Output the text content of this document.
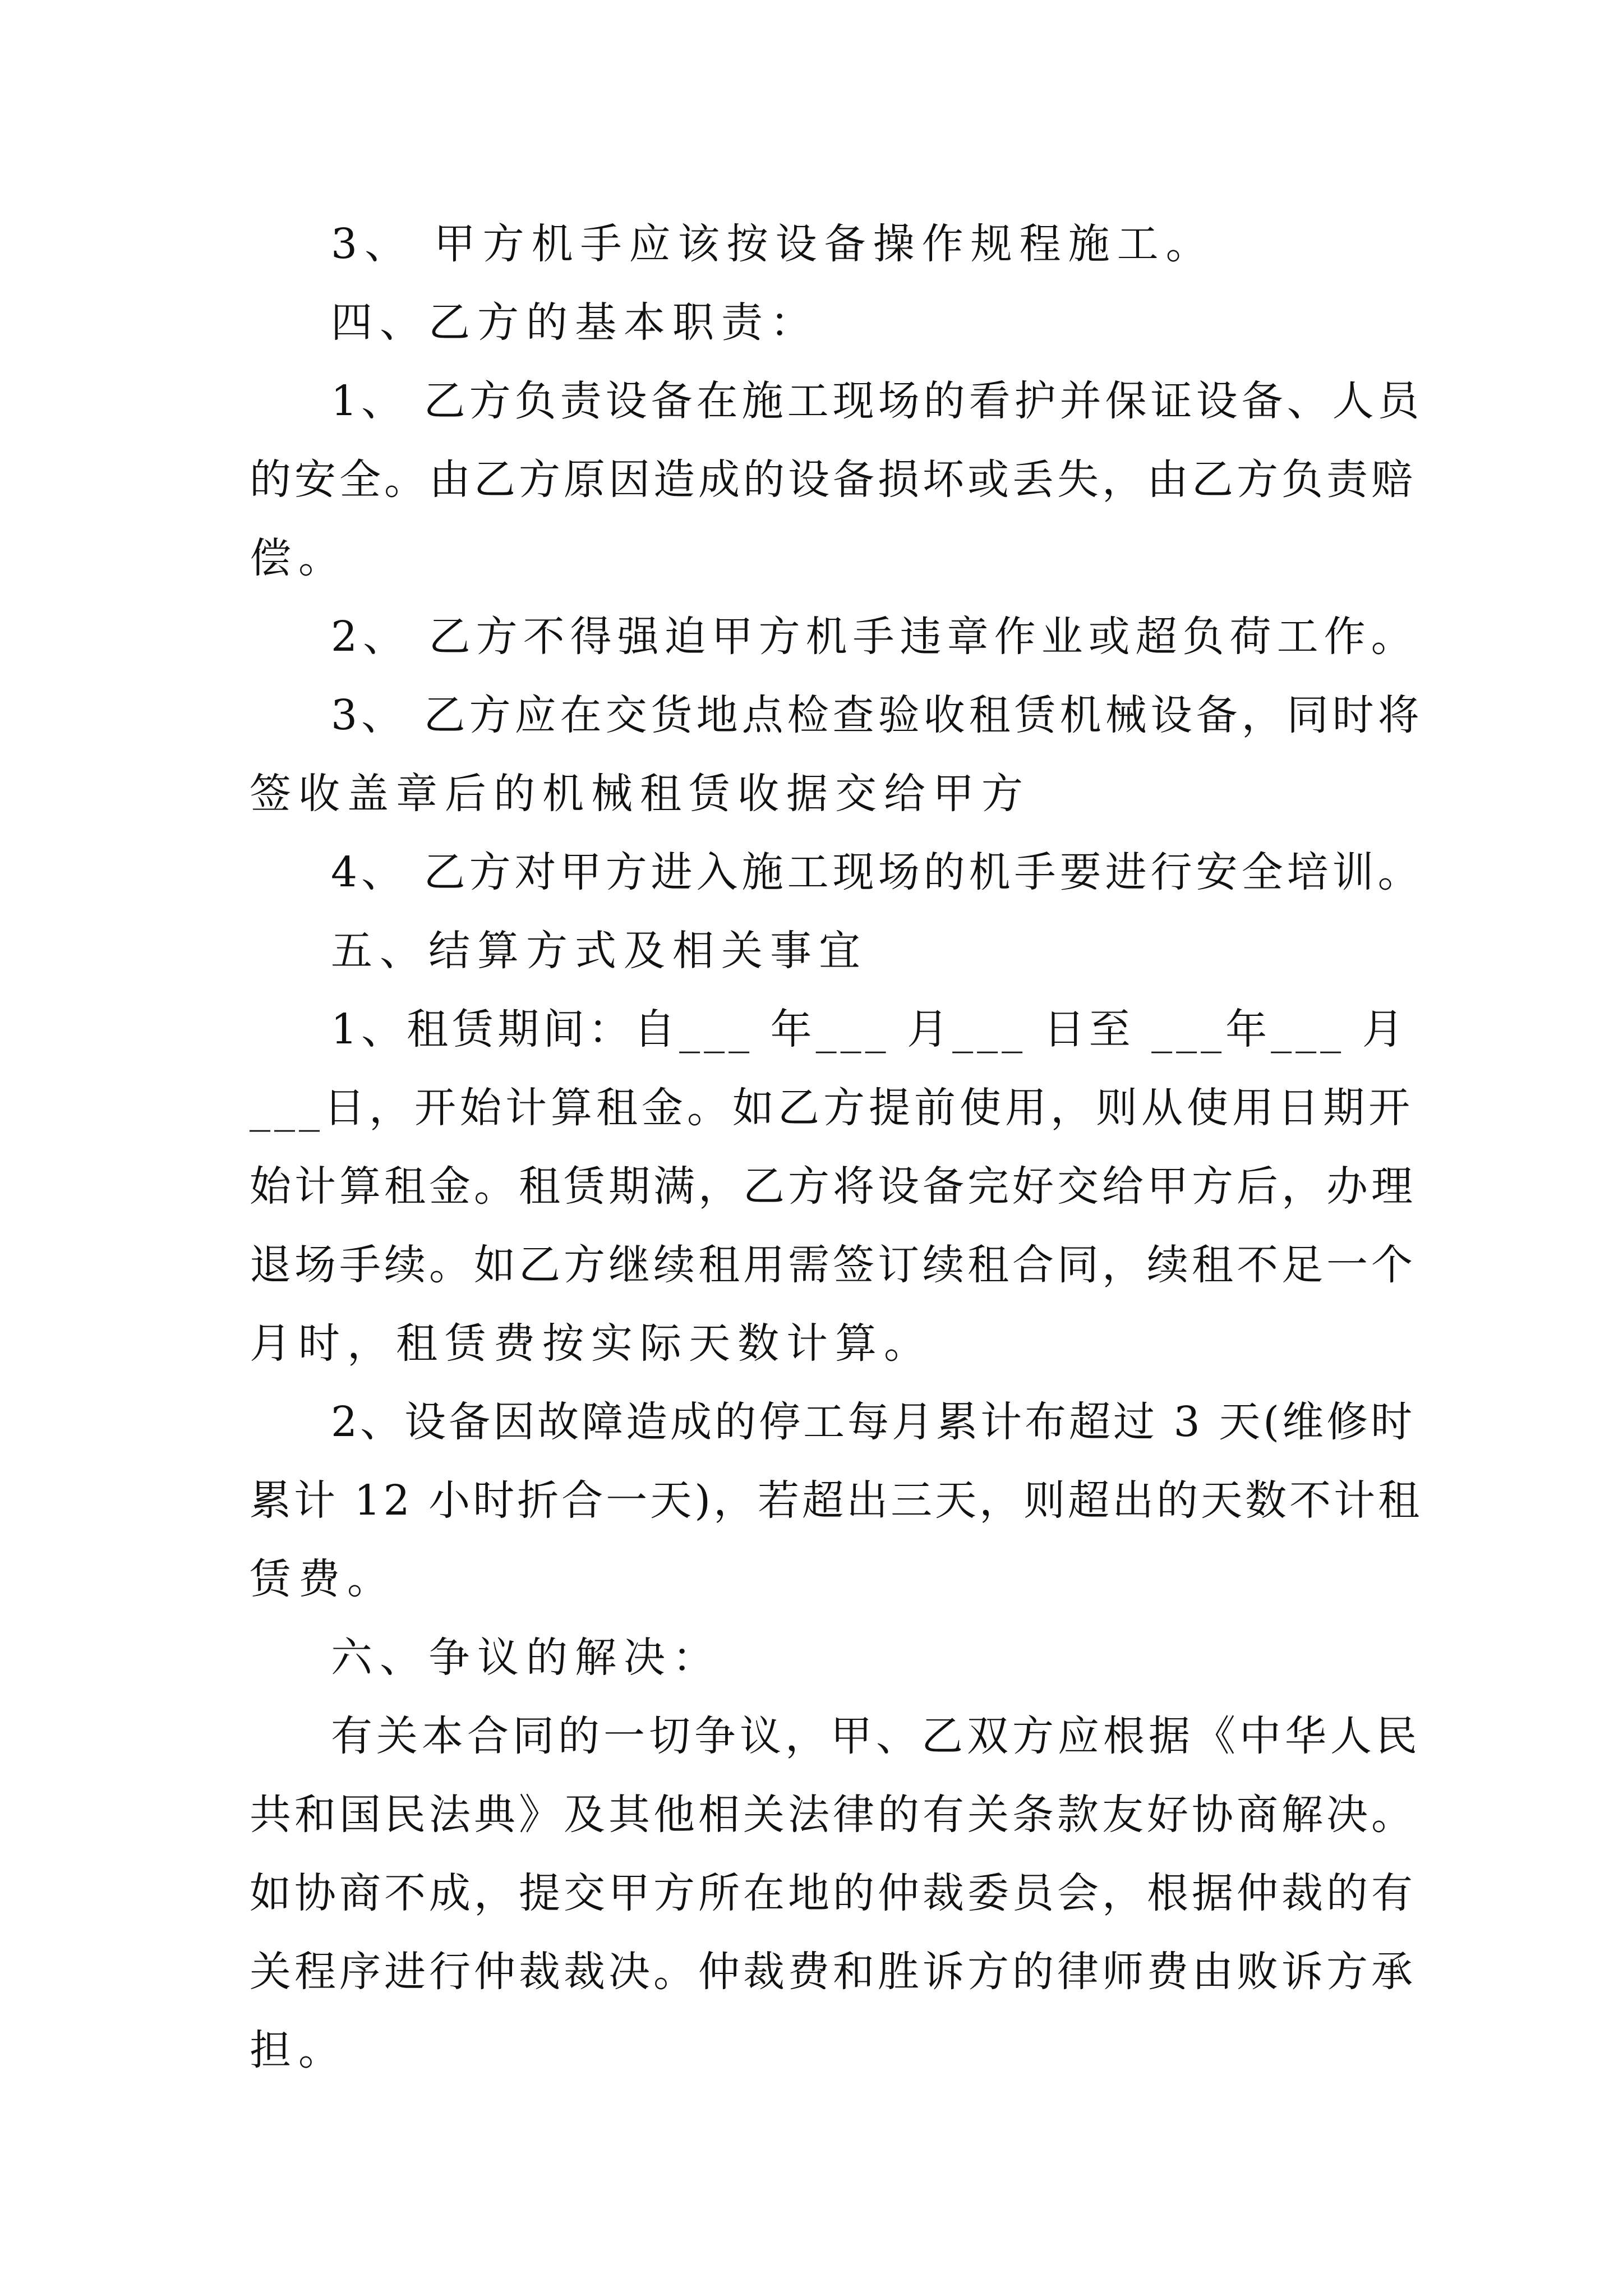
3、 甲方机手应该按设备操作规程施工。
四、乙方的基本职责：
1、 乙方负责设备在施工现场的看护并保证设备、人员
的安全。由乙方原因造成的设备损坏或丢失，由乙方负责赔
偿。
2、 乙方不得强迫甲方机手违章作业或超负荷工作。
3、 乙方应在交货地点检查验收租赁机械设备，同时将
签收盖章后的机械租赁收据交给甲方
4、 乙方对甲方进入施工现场的机手要进行安全培训。
五、结算方式及相关事宜
1、租赁期间：自___ 年___ 月___ 日至 ___年___ 月
___日，开始计算租金。如乙方提前使用，则从使用日期开
始计算租金。租赁期满，乙方将设备完好交给甲方后，办理
退场手续。如乙方继续租用需签订续租合同，续租不足一个
月时，租赁费按实际天数计算。
2、设备因故障造成的停工每月累计布超过 3 天(维修时
累计 12 小时折合一天)，若超出三天，则超出的天数不计租
赁费。
六、争议的解决：
有关本合同的一切争议，甲、乙双方应根据《中华人民
共和国民法典》及其他相关法律的有关条款友好协商解决。
如协商不成，提交甲方所在地的仲裁委员会，根据仲裁的有
关程序进行仲裁裁决。仲裁费和胜诉方的律师费由败诉方承
担。
